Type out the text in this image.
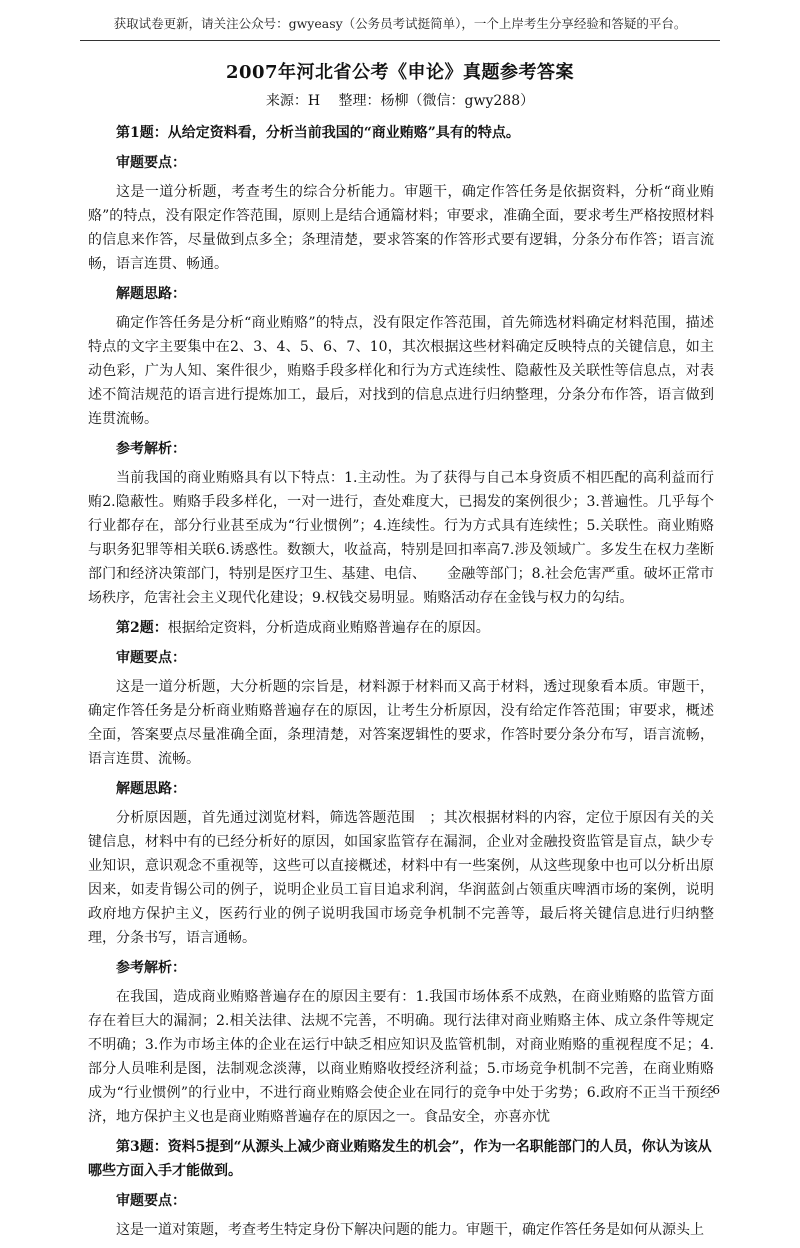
获取试卷更新，请关注公众号：gwyeasy（公务员考试挺简单），一个上岸考生分享经验和答疑的平台。
2007年河北省公考《申论》真题参考答案
来源：H　 整理：杨柳（微信：gwy288）

第1题：从给定资料看，分析当前我国的“商业贿赂”具有的特点。

审题要点：

这是一道分析题，考查考生的综合分析能力。审题干，确定作答任务是依据资料，分析“商业贿赂”的特点，没有限定作答范围，原则上是结合通篇材料；审要求，准确全面，要求考生严格按照材料的信息来作答，尽量做到点多全；条理清楚，要求答案的作答形式要有逻辑，分条分布作答；语言流畅，语言连贯、畅通。

解题思路：

确定作答任务是分析“商业贿赂”的特点，没有限定作答范围，首先筛选材料确定材料范围，描述特点的文字主要集中在2、3、4、5、6、7、10，其次根据这些材料确定反映特点的关键信息，如主动色彩，广为人知、案件很少，贿赂手段多样化和行为方式连续性、隐蔽性及关联性等信息点，对表述不简洁规范的语言进行提炼加工，最后，对找到的信息点进行归纳整理，分条分布作答，语言做到连贯流畅。

参考解析：

当前我国的商业贿赂具有以下特点：1.主动性。为了获得与自己本身资质不相匹配的高利益而行贿2.隐蔽性。贿赂手段多样化，一对一进行，查处难度大，已揭发的案例很少；3.普遍性。几乎每个行业都存在，部分行业甚至成为“行业惯例”；4.连续性。行为方式具有连续性；5.关联性。商业贿赂与职务犯罪等相关联6.诱惑性。数额大，收益高，特别是回扣率高7.涉及领域广。多发生在权力垄断部门和经济决策部门，特别是医疗卫生、基建、电信、　　金融等部门；8.社会危害严重。破坏正常市场秩序，危害社会主义现代化建设；9.权钱交易明显。贿赂活动存在金钱与权力的勾结。

第2题：根据给定资料，分析造成商业贿赂普遍存在的原因。

审题要点：

这是一道分析题，大分析题的宗旨是，材料源于材料而又高于材料，透过现象看本质。审题干，确定作答任务是分析商业贿赂普遍存在的原因，让考生分析原因，没有给定作答范围；审要求，概述全面，答案要点尽量准确全面，条理清楚，对答案逻辑性的要求，作答时要分条分布写，语言流畅，语言连贯、流畅。

解题思路：

分析原因题，首先通过浏览材料，筛选答题范围　；其次根据材料的内容，定位于原因有关的关键信息，材料中有的已经分析好的原因，如国家监管存在漏洞，企业对金融投资监管是盲点，缺少专业知识，意识观念不重视等，这些可以直接概述，材料中有一些案例，从这些现象中也可以分析出原因来，如麦肯锡公司的例子，说明企业员工盲目追求利润，华润蓝剑占领重庆啤酒市场的案例，说明政府地方保护主义，医药行业的例子说明我国市场竞争机制不完善等，最后将关键信息进行归纳整理，分条书写，语言通畅。

参考解析：

在我国，造成商业贿赂普遍存在的原因主要有：1.我国市场体系不成熟，在商业贿赂的监管方面存在着巨大的漏洞；2.相关法律、法规不完善，不明确。现行法律对商业贿赂主体、成立条件等规定不明确；3.作为市场主体的企业在运行中缺乏相应知识及监管机制，对商业贿赂的重视程度不足；4.部分人员唯利是图，法制观念淡薄，以商业贿赂收授经济利益；5.市场竞争机制不完善，在商业贿赂成为“行业惯例”的行业中，不进行商业贿赂会使企业在同行的竞争中处于劣势；6.政府不正当干预经济，地方保护主义也是商业贿赂普遍存在的原因之一。食品安全，亦喜亦忧

第3题：资料5提到“从源头上减少商业贿赂发生的机会”，作为一名职能部门的人员，你认为该从哪些方面入手才能做到。

审题要点：

这是一道对策题，考查考生特定身份下解决问题的能力。审题干，确定作答任务是如何从源头上

6
